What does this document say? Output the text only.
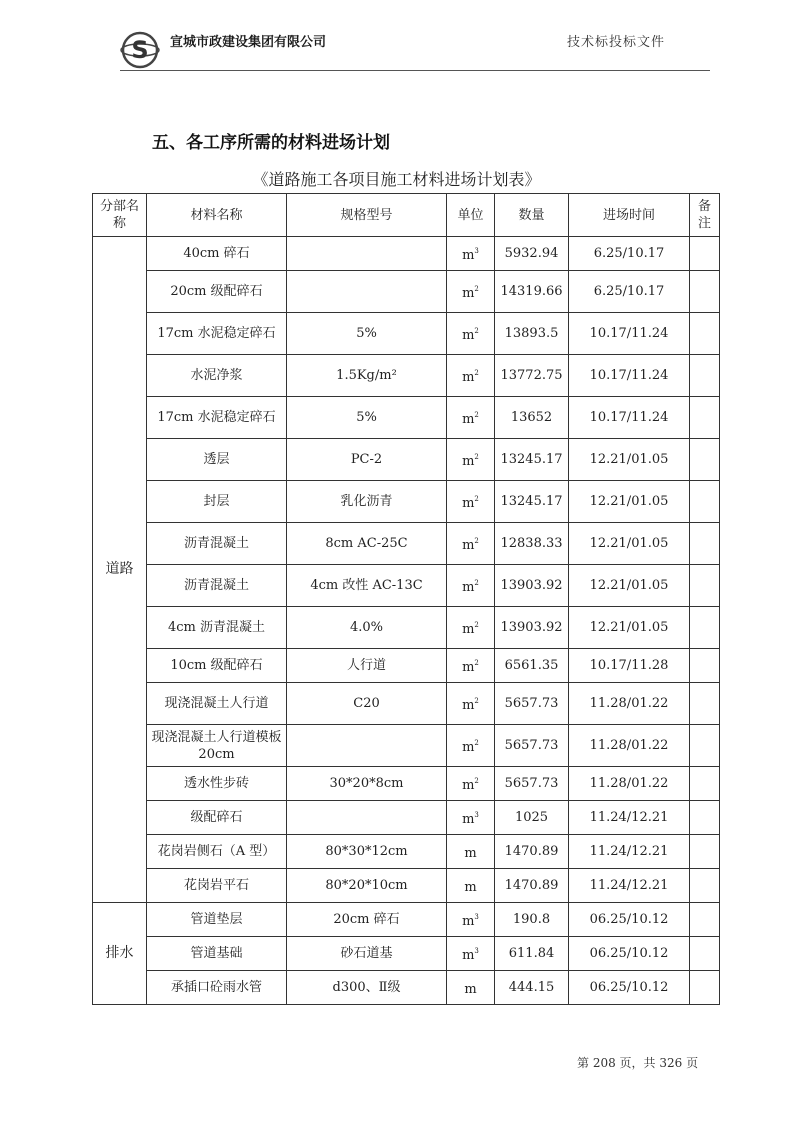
S 宣城市政建设集团有限公司	技术标投标文件
五、各工序所需的材料进场计划
《道路施工各项目施工材料进场计划表》
分部名称	材料名称	规格型号	单位	数量	进场时间	备注
道路	40cm 碎石		$m^3$	5932.94	6.25/10.17	
	20cm 级配碎石		$m^2$	14319.66	6.25/10.17	
	17cm 水泥稳定碎石	5%	$m^2$	13893.5	10.17/11.24	
	水泥净浆	1.5Kg/m²	$m^2$	13772.75	10.17/11.24	
	17cm 水泥稳定碎石	5%	$m^2$	13652	10.17/11.24	
	透层	PC-2	$m^2$	13245.17	12.21/01.05	
	封层	乳化沥青	$m^2$	13245.17	12.21/01.05	
	沥青混凝土	8cm AC-25C	$m^2$	12838.33	12.21/01.05	
	沥青混凝土	4cm 改性 AC-13C	$m^2$	13903.92	12.21/01.05	
	4cm 沥青混凝土	4.0%	$m^2$	13903.92	12.21/01.05	
	10cm 级配碎石	人行道	$m^2$	6561.35	10.17/11.28	
	现浇混凝土人行道	C20	$m^2$	5657.73	11.28/01.22	
	现浇混凝土人行道模板 20cm		$m^2$	5657.73	11.28/01.22	
	透水性步砖	30*20*8cm	$m^2$	5657.73	11.28/01.22	
	级配碎石		$m^3$	1025	11.24/12.21	
	花岗岩侧石（A 型）	80*30*12cm	m	1470.89	11.24/12.21	
	花岗岩平石	80*20*10cm	m	1470.89	11.24/12.21	
排水	管道垫层	20cm 碎石	$m^3$	190.8	06.25/10.12	
	管道基础	砂石道基	$m^3$	611.84	06.25/10.12	
	承插口砼雨水管	d300、Ⅱ级	m	444.15	06.25/10.12	
第 208 页，共 326 页
